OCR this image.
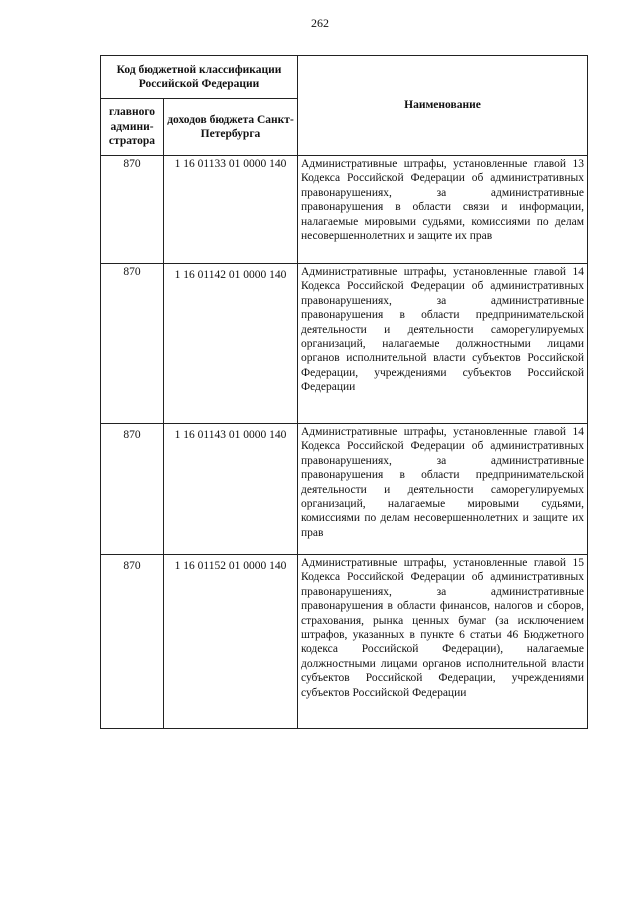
262
Код бюджетной классификации Российской Федерации		Наименование
главного админи-стратора	доходов бюджета Санкт-Петербурга	
870	1 16 01133 01 0000 140	Административные штрафы, установленные главой 13 Кодекса Российской Федерации об административных правонарушениях, за административные правонарушения в области связи и информации, налагаемые мировыми судьями, комиссиями по делам несовершеннолетних и защите их прав
870	1 16 01142 01 0000 140	Административные штрафы, установленные главой 14 Кодекса Российской Федерации об административных правонарушениях, за административные правонарушения в области предпринимательской деятельности и деятельности саморегулируемых организаций, налагаемые должностными лицами органов исполнительной власти субъектов Российской Федерации, учреждениями субъектов Российской Федерации
870	1 16 01143 01 0000 140	Административные штрафы, установленные главой 14 Кодекса Российской Федерации об административных правонарушениях, за административные правонарушения в области предпринимательской деятельности и деятельности саморегулируемых организаций, налагаемые мировыми судьями, комиссиями по делам несовершеннолетних и защите их прав
870	1 16 01152 01 0000 140	Административные штрафы, установленные главой 15 Кодекса Российской Федерации об административных правонарушениях, за административные правонарушения в области финансов, налогов и сборов, страхования, рынка ценных бумаг (за исключением штрафов, указанных в пункте 6 статьи 46 Бюджетного кодекса Российской Федерации), налагаемые должностными лицами органов исполнительной власти субъектов Российской Федерации, учреждениями субъектов Российской Федерации
